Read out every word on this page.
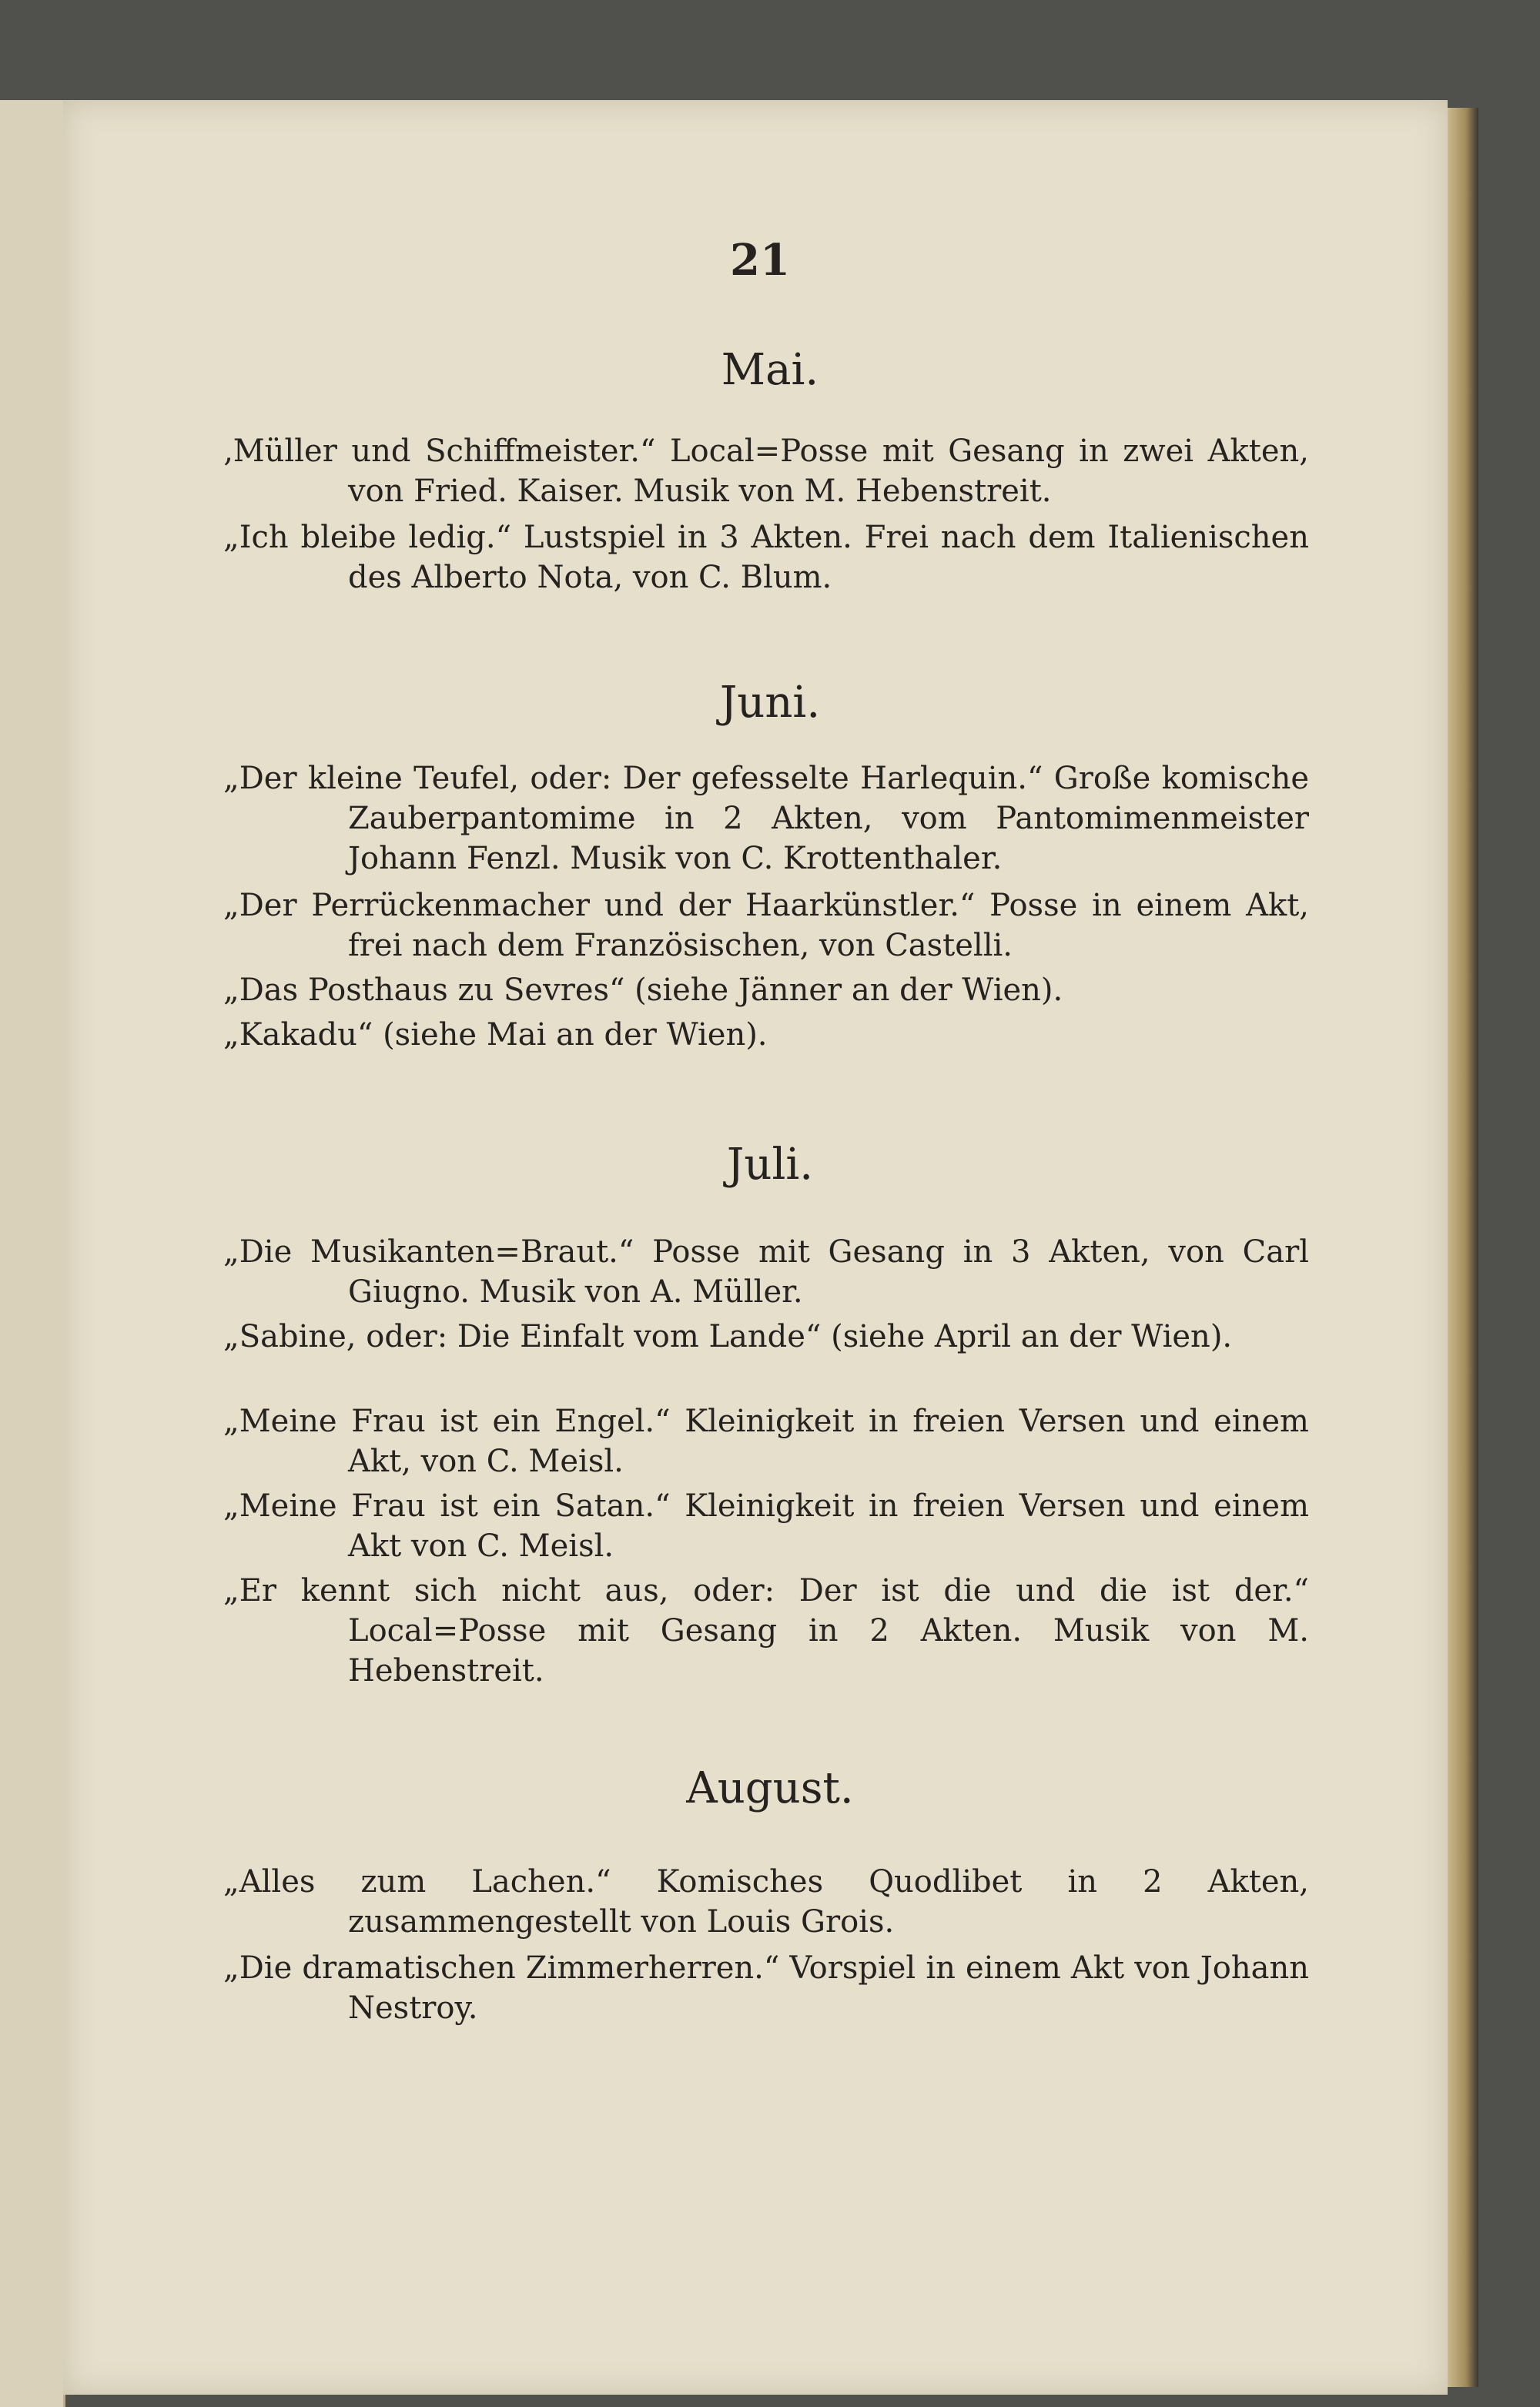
21
Mai.
‚Müller und Schiffmeister.“ Local=Posse mit Gesang in zwei Akten, von Fried. Kaiser. Musik von M. Hebenstreit.
„Ich bleibe ledig.“ Lustspiel in 3 Akten. Frei nach dem Italienischen des Alberto Nota, von C. Blum.
Juni.
„Der kleine Teufel, oder: Der gefesselte Harlequin.“ Große komische Zauberpantomime in 2 Akten, vom Pantomimenmeister Johann Fenzl. Musik von C. Krottenthaler.
„Der Perrückenmacher und der Haarkünstler.“ Posse in einem Akt, frei nach dem Französischen, von Castelli.
„Das Posthaus zu Sevres“ (siehe Jänner an der Wien).
„Kakadu“ (siehe Mai an der Wien).
Juli.
„Die Musikanten=Braut.“ Posse mit Gesang in 3 Akten, von Carl Giugno. Musik von A. Müller.
„Sabine, oder: Die Einfalt vom Lande“ (siehe April an der Wien).
„Meine Frau ist ein Engel.“ Kleinigkeit in freien Versen und einem Akt, von C. Meisl.
„Meine Frau ist ein Satan.“ Kleinigkeit in freien Versen und einem Akt von C. Meisl.
„Er kennt sich nicht aus, oder: Der ist die und die ist der.“ Local=Posse mit Gesang in 2 Akten. Musik von M. Hebenstreit.
August.
„Alles zum Lachen.“ Komisches Quodlibet in 2 Akten, zusammengestellt von Louis Grois.
„Die dramatischen Zimmerherren.“ Vorspiel in einem Akt von Johann Nestroy.
